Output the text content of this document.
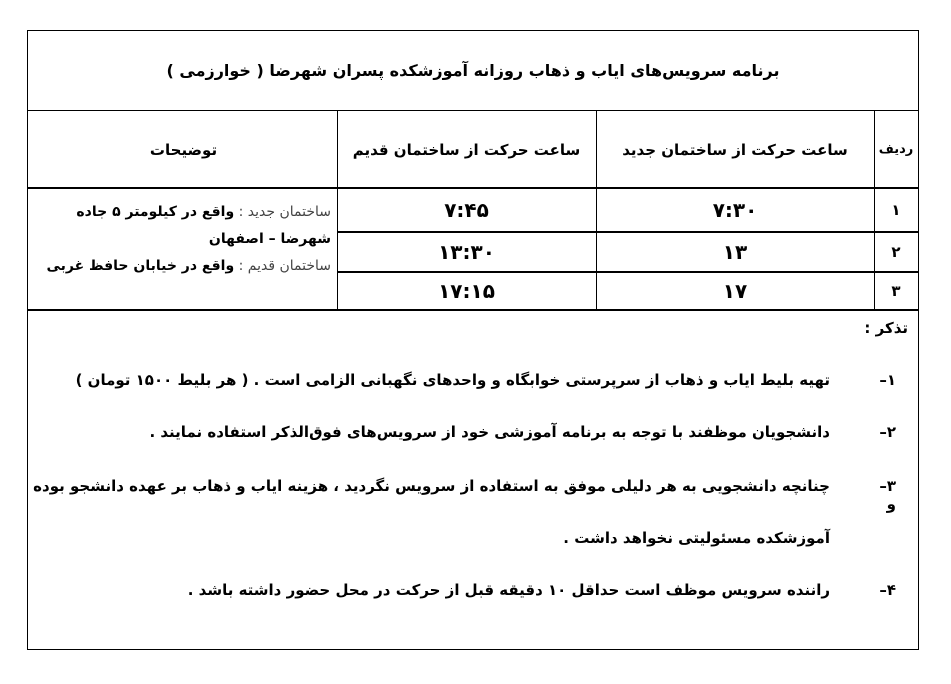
برنامه سرویس‌های ایاب و ذهاب روزانه آموزشکده پسران شهرضا ( خوارزمی )
ردیف
ساعت حرکت از ساختمان جدید
ساعت حرکت از ساختمان قدیم
توضیحات
۱
۷:۳۰
۷:۴۵
۲
۱۳
۱۳:۳۰
۳
۱۷
۱۷:۱۵
ساختمان جدید : واقع در کیلومتر ۵ جاده
شهرضا – اصفهان
ساختمان قدیم : واقع در خیابان حافظ غربی
تذکر :
۱–تهیه بلیط ایاب و ذهاب از سرپرستی خوابگاه و واحدهای نگهبانی الزامی است . ( هر بلیط ۱۵۰۰ تومان )
۲–دانشجویان موظفند با توجه به برنامه آموزشی خود از سرویس‌های فوق‌الذکر استفاده نمایند .
۳–چنانچه دانشجویی به هر دلیلی موفق به استفاده از سرویس نگردید ، هزینه ایاب و ذهاب بر عهده دانشجو بوده و
آموزشکده مسئولیتی نخواهد داشت .
۴–راننده سرویس موظف است حداقل ۱۰ دقیقه قبل از حرکت در محل حضور داشته باشد .
